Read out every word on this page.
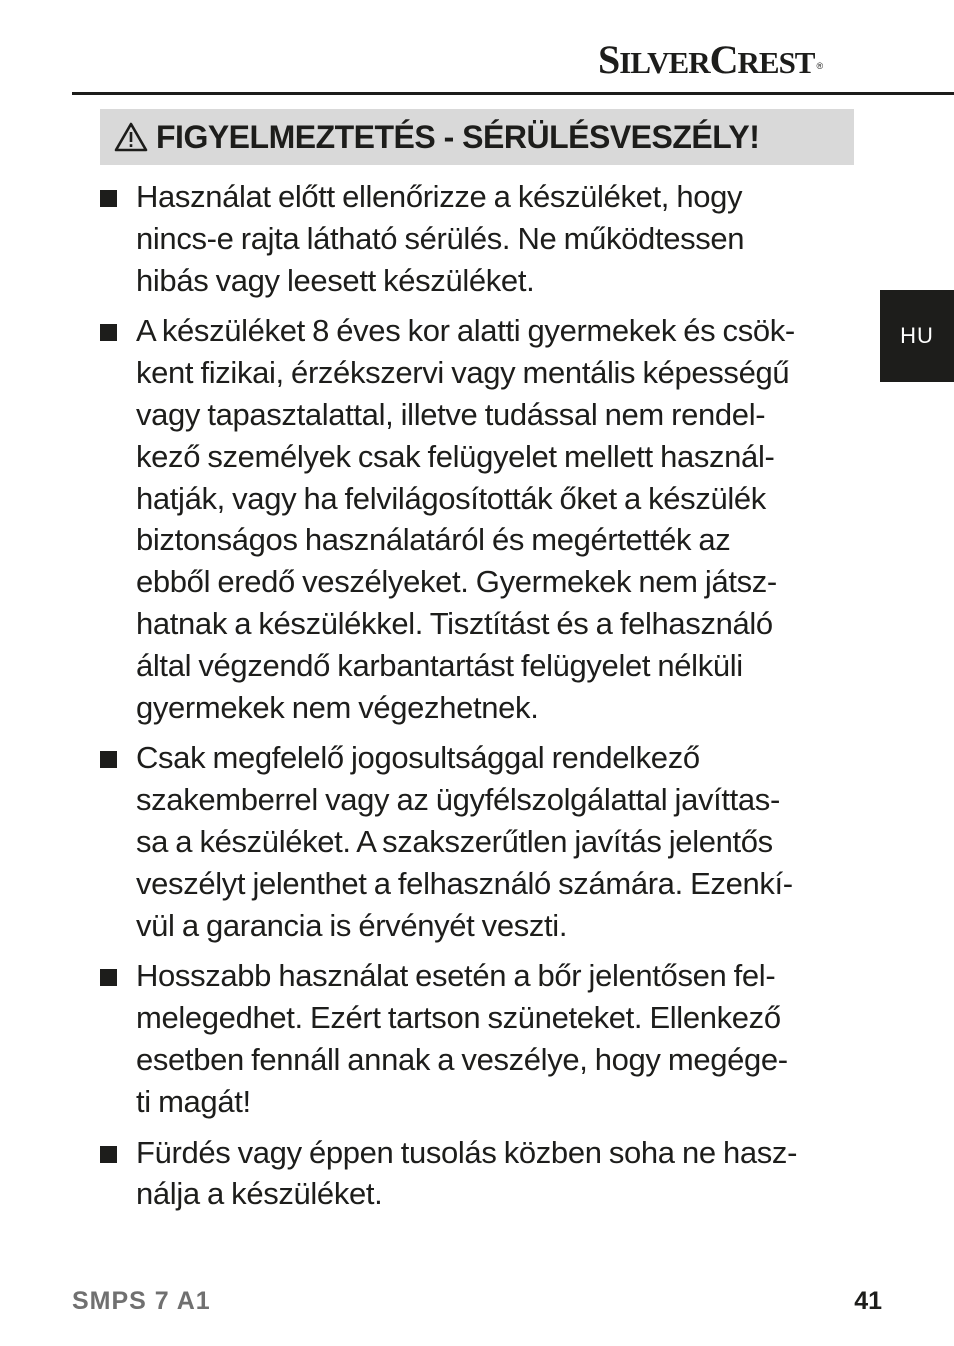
SILVERCREST ®
FIGYELMEZTETÉS - SÉRÜLÉSVESZÉLY!
HU
Használat előtt ellenőrizze a készüléket, hogy
nincs-e rajta látható sérülés. Ne működtessen
hibás vagy leesett készüléket.
A készüléket 8 éves kor alatti gyermekek és csök-
kent fizikai, érzékszervi vagy mentális képességű
vagy tapasztalattal, illetve tudással nem rendel-
kező személyek csak felügyelet mellett használ-
hatják, vagy ha felvilágosították őket a készülék
biztonságos használatáról és megértették az
ebből eredő veszélyeket. Gyermekek nem játsz-
hatnak a készülékkel. Tisztítást és a felhasználó
által végzendő karbantartást felügyelet nélküli
gyermekek nem végezhetnek.
Csak megfelelő jogosultsággal rendelkező
szakemberrel vagy az ügyfélszolgálattal javíttas-
sa a készüléket. A szakszerűtlen javítás jelentős
veszélyt jelenthet a felhasználó számára. Ezenkí-
vül a garancia is érvényét veszti.
Hosszabb használat esetén a bőr jelentősen fel-
melegedhet. Ezért tartson szüneteket. Ellenkező
esetben fennáll annak a veszélye, hogy megége-
ti magát!
Fürdés vagy éppen tusolás közben soha ne hasz-
nálja a készüléket.
SMPS 7 A1	41
